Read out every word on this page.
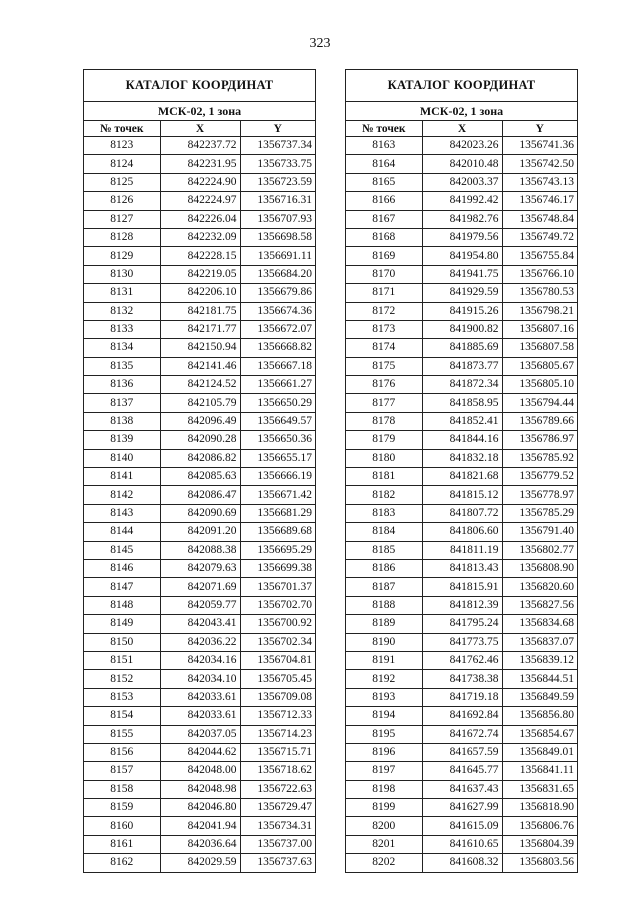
323
КАТАЛОГ КООРДИНАТ
МСК-02, 1 зона
№ точек	X	Y
8123	842237.72	1356737.34
8124	842231.95	1356733.75
8125	842224.90	1356723.59
8126	842224.97	1356716.31
8127	842226.04	1356707.93
8128	842232.09	1356698.58
8129	842228.15	1356691.11
8130	842219.05	1356684.20
8131	842206.10	1356679.86
8132	842181.75	1356674.36
8133	842171.77	1356672.07
8134	842150.94	1356668.82
8135	842141.46	1356667.18
8136	842124.52	1356661.27
8137	842105.79	1356650.29
8138	842096.49	1356649.57
8139	842090.28	1356650.36
8140	842086.82	1356655.17
8141	842085.63	1356666.19
8142	842086.47	1356671.42
8143	842090.69	1356681.29
8144	842091.20	1356689.68
8145	842088.38	1356695.29
8146	842079.63	1356699.38
8147	842071.69	1356701.37
8148	842059.77	1356702.70
8149	842043.41	1356700.92
8150	842036.22	1356702.34
8151	842034.16	1356704.81
8152	842034.10	1356705.45
8153	842033.61	1356709.08
8154	842033.61	1356712.33
8155	842037.05	1356714.23
8156	842044.62	1356715.71
8157	842048.00	1356718.62
8158	842048.98	1356722.63
8159	842046.80	1356729.47
8160	842041.94	1356734.31
8161	842036.64	1356737.00
8162	842029.59	1356737.63
КАТАЛОГ КООРДИНАТ
МСК-02, 1 зона
№ точек	X	Y
8163	842023.26	1356741.36
8164	842010.48	1356742.50
8165	842003.37	1356743.13
8166	841992.42	1356746.17
8167	841982.76	1356748.84
8168	841979.56	1356749.72
8169	841954.80	1356755.84
8170	841941.75	1356766.10
8171	841929.59	1356780.53
8172	841915.26	1356798.21
8173	841900.82	1356807.16
8174	841885.69	1356807.58
8175	841873.77	1356805.67
8176	841872.34	1356805.10
8177	841858.95	1356794.44
8178	841852.41	1356789.66
8179	841844.16	1356786.97
8180	841832.18	1356785.92
8181	841821.68	1356779.52
8182	841815.12	1356778.97
8183	841807.72	1356785.29
8184	841806.60	1356791.40
8185	841811.19	1356802.77
8186	841813.43	1356808.90
8187	841815.91	1356820.60
8188	841812.39	1356827.56
8189	841795.24	1356834.68
8190	841773.75	1356837.07
8191	841762.46	1356839.12
8192	841738.38	1356844.51
8193	841719.18	1356849.59
8194	841692.84	1356856.80
8195	841672.74	1356854.67
8196	841657.59	1356849.01
8197	841645.77	1356841.11
8198	841637.43	1356831.65
8199	841627.99	1356818.90
8200	841615.09	1356806.76
8201	841610.65	1356804.39
8202	841608.32	1356803.56
